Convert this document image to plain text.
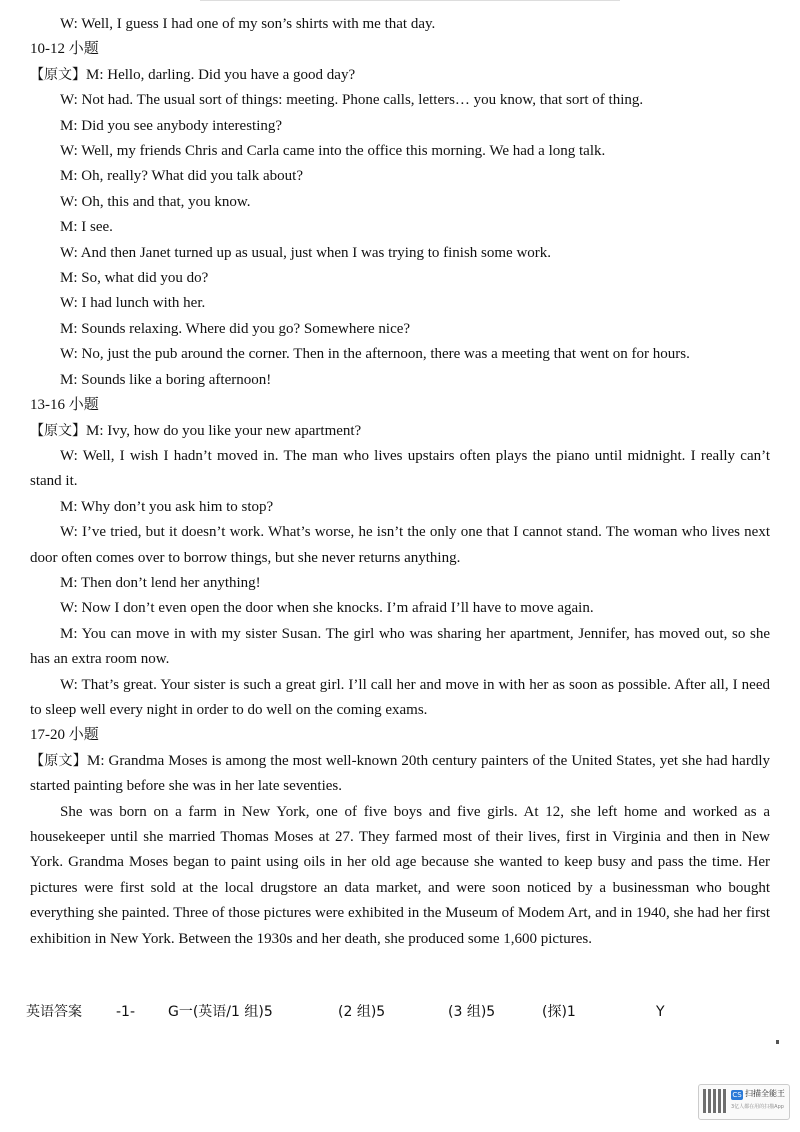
W: Well, I guess I had one of my son’s shirts with me that day.

10-12 小题

【原文】M: Hello, darling. Did you have a good day?

W: Not had. The usual sort of things: meeting. Phone calls, letters… you know, that sort of thing.

M: Did you see anybody interesting?

W: Well, my friends Chris and Carla came into the office this morning. We had a long talk.

M: Oh, really? What did you talk about?

W: Oh, this and that, you know.

M: I see.

W: And then Janet turned up as usual, just when I was trying to finish some work.

M: So, what did you do?

W: I had lunch with her.

M: Sounds relaxing. Where did you go? Somewhere nice?

W: No, just the pub around the corner. Then in the afternoon, there was a meeting that went on for hours.

M: Sounds like a boring afternoon!

13-16 小题

【原文】M: Ivy, how do you like your new apartment?

W: Well, I wish I hadn’t moved in. The man who lives upstairs often plays the piano until midnight. I really can’t stand it.

M: Why don’t you ask him to stop?

W: I’ve tried, but it doesn’t work. What’s worse, he isn’t the only one that I cannot stand. The woman who lives next door often comes over to borrow things, but she never returns anything.

M: Then don’t lend her anything!

W: Now I don’t even open the door when she knocks. I’m afraid I’ll have to move again.

M: You can move in with my sister Susan. The girl who was sharing her apartment, Jennifer, has moved out, so she has an extra room now.

W: That’s great. Your sister is such a great girl. I’ll call her and move in with her as soon as possible. After all, I need to sleep well every night in order to do well on the coming exams.

17-20 小题

【原文】M: Grandma Moses is among the most well-known 20th century painters of the United States, yet she had hardly started painting before she was in her late seventies.

She was born on a farm in New York, one of five boys and five girls. At 12, she left home and worked as a housekeeper until she married Thomas Moses at 27. They farmed most of their lives, first in Virginia and then in New York. Grandma Moses began to paint using oils in her old age because she wanted to keep busy and pass the time. Her pictures were first sold at the local drugstore an data market, and were soon noticed by a businessman who bought everything she painted. Three of those pictures were exhibited in the Museum of Modem Art, and in 1940, she had her first exhibition in New York. Between the 1930s and her death, she produced some 1,600 pictures.

英语答案 -1- G一(英语/1 组)5	(2 组)5	(3 组)5	(探)1	Y
CS 扫描全能王
3亿人都在用的扫描App
